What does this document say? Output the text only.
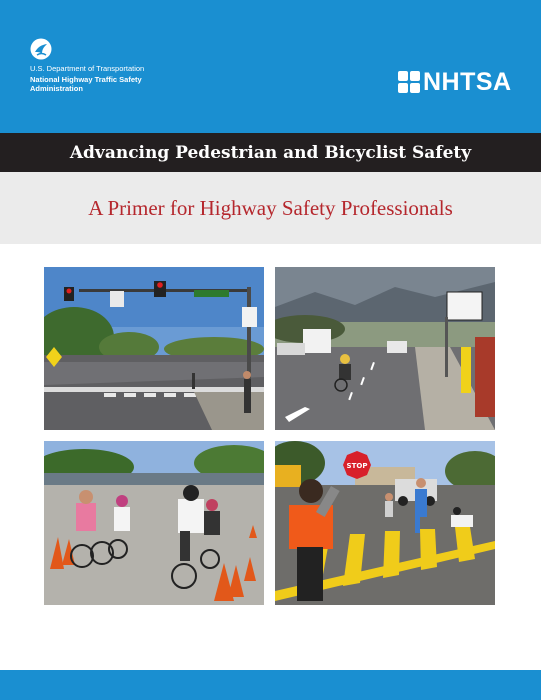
U.S. Department of Transportation
National Highway Traffic Safety
Administration	NHTSA
Advancing Pedestrian and Bicyclist Safety
A Primer for Highway Safety Professionals
STOP
